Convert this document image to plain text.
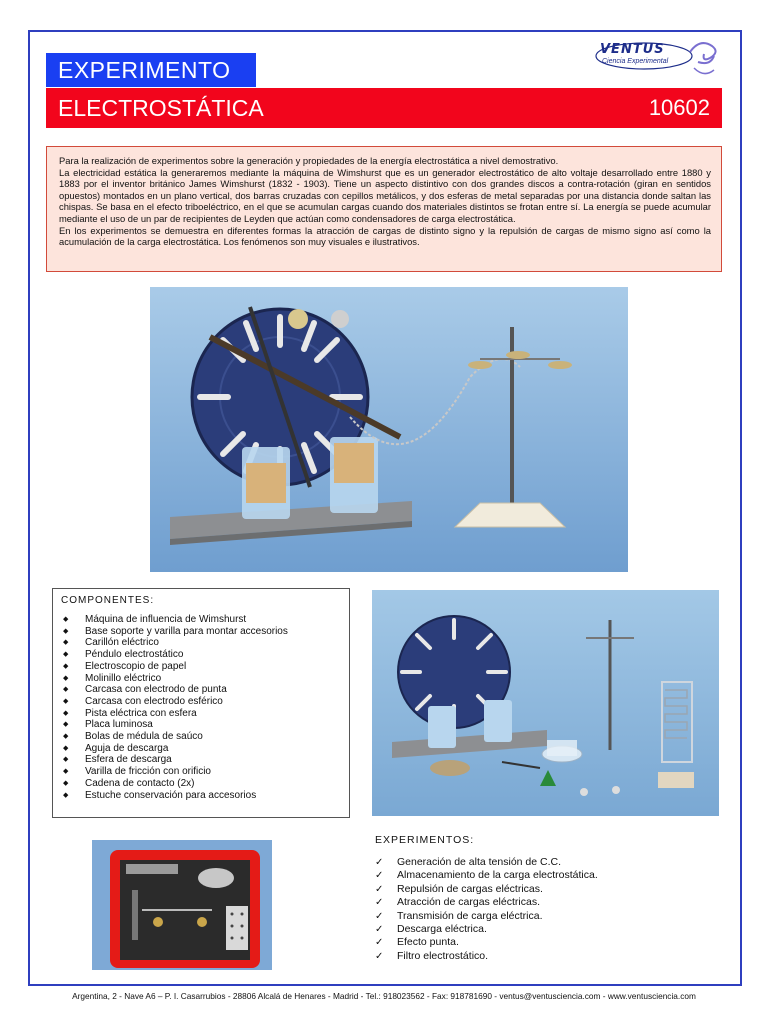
EXPERIMENTO
VENTUS
Ciencia Experimental
ELECTROSTÁTICA	10602

Para la realización de experimentos sobre la generación y propiedades de la energía electrostática a nivel demostrativo.

La electricidad estática la generaremos mediante la máquina de Wimshurst que es un generador electrostático de alto voltaje desarrollado entre 1880 y 1883 por el inventor británico James Wimshurst (1832 - 1903). Tiene un aspecto distintivo con dos grandes discos a contra-rotación (giran en sentidos opuestos) montados en un plano vertical, dos barras cruzadas con cepillos metálicos, y dos esferas de metal separadas por una distancia donde saltan las chispas. Se basa en el efecto triboeléctrico, en el que se acumulan cargas cuando dos materiales distintos se frotan entre sí. La energía se puede acumular mediante el uso de un par de recipientes de Leyden que actúan como condensadores de carga electrostática.

En los experimentos se demuestra en diferentes formas la atracción de cargas de distinto signo y la repulsión de cargas de mismo signo así como la acumulación de la carga electrostática. Los fenómenos son muy visuales e ilustrativos.

COMPONENTES:
◆ Máquina de influencia de Wimshurst
◆ Base soporte y varilla para montar accesorios
◆ Carillón eléctrico
◆ Péndulo electrostático
◆ Electroscopio de papel
◆ Molinillo eléctrico
◆ Carcasa con electrodo de punta
◆ Carcasa con electrodo esférico
◆ Pista eléctrica con esfera
◆ Placa luminosa
◆ Bolas de médula de saúco
◆ Aguja de descarga
◆ Esfera de descarga
◆ Varilla de fricción con orificio
◆ Cadena de contacto (2x)
◆ Estuche conservación para accesorios
EXPERIMENTOS:
✓ Generación de alta tensión de C.C.
✓ Almacenamiento de la carga electrostática.
✓ Repulsión de cargas eléctricas.
✓ Atracción de cargas eléctricas.
✓ Transmisión de carga eléctrica.
✓ Descarga eléctrica.
✓ Efecto punta.
✓ Filtro electrostático.
Argentina, 2 - Nave A6 – P. I. Casarrubios - 28806 Alcalá de Henares - Madrid - Tel.: 918023562 - Fax: 918781690 - ventus@ventusciencia.com - www.ventusciencia.com
